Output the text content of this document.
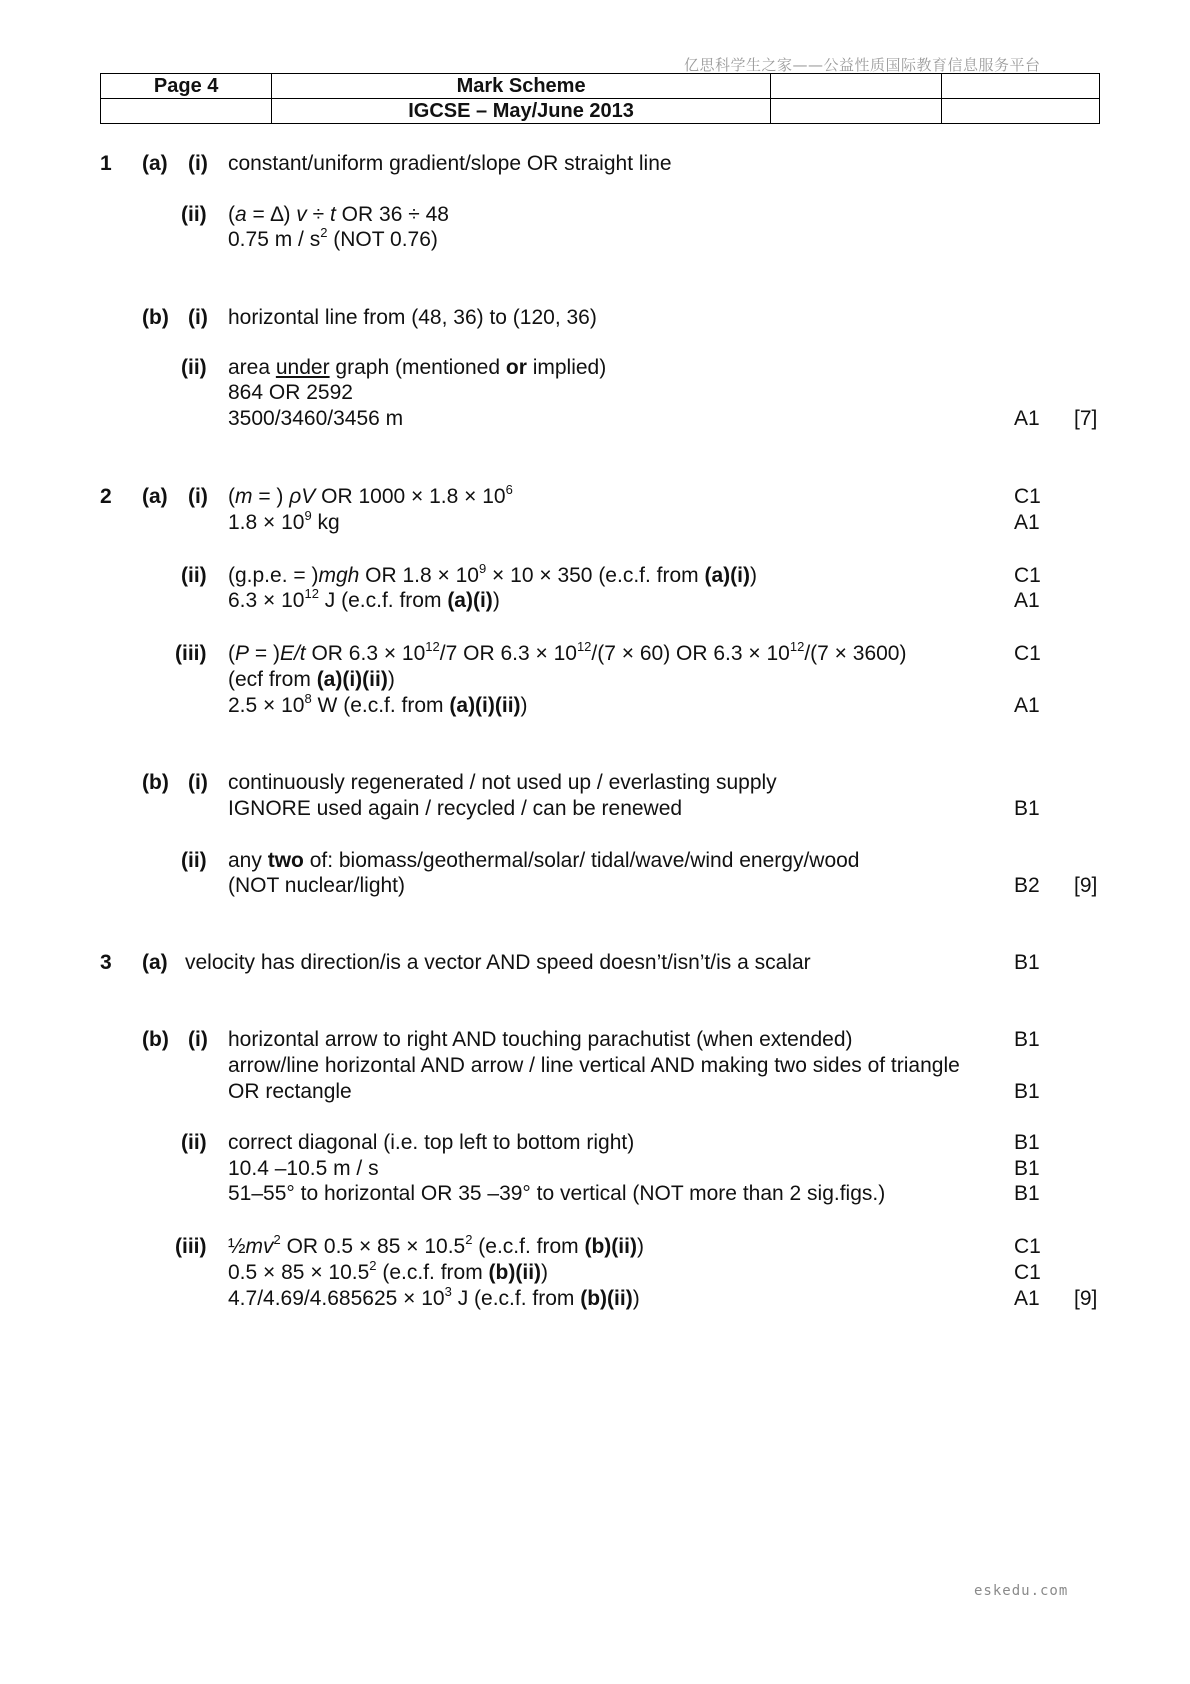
亿思科学生之家——公益性质国际教育信息服务平台
Page 4	Mark Scheme		
	IGCSE – May/June 2013		
1 (a) (i) constant/uniform gradient/slope OR straight line
(ii) (a = ∆) v ÷ t OR 36 ÷ 48
0.75 m / $s^2$ (NOT 0.76)
(b) (i) horizontal line from (48, 36) to (120, 36)
(ii) area under graph (mentioned or implied)
864 OR 2592
3500/3460/3456 m	A1 [7]
2 (a) (i) (m = ) ρV OR $1000 \times 1.8 \times 10^6$	C1
$1.8 \times 10^9$ kg	A1
(ii) (g.p.e. = )mgh OR $1.8 \times 10^9 \times 10 \times 350$ (e.c.f. from (a)(i))	C1
$6.3 \times 10^{12}$ J (e.c.f. from (a)(i))	A1
(iii) (P = )E/t OR $6.3 \times 10^{12}/7$ OR $6.3 \times 10^{12}/(7 \times 60)$ OR $6.3 \times 10^{12}/(7 \times 3600)$	C1
(ecf from (a)(i)(ii))
$2.5 \times 10^8$ W (e.c.f. from (a)(i)(ii))	A1
(b) (i) continuously regenerated / not used up / everlasting supply
IGNORE used again / recycled / can be renewed	B1
(ii) any two of: biomass/geothermal/solar/ tidal/wave/wind energy/wood
(NOT nuclear/light)	B2 [9]
3 (a) velocity has direction/is a vector AND speed doesn’t/isn’t/is a scalar	B1
(b) (i) horizontal arrow to right AND touching parachutist (when extended)	B1
arrow/line horizontal AND arrow / line vertical AND making two sides of triangle
OR rectangle	B1
(ii) correct diagonal (i.e. top left to bottom right)	B1
10.4 –10.5 m / s	B1
51–55° to horizontal OR 35 –39° to vertical (NOT more than 2 sig.figs.)	B1
(iii) $\frac{1}{2}mv^2$ OR $0.5 \times 85 \times 10.5^2$ (e.c.f. from (b)(ii))	C1
$0.5 \times 85 \times 10.5^2$ (e.c.f. from (b)(ii))	C1
$4.7/4.69/4.685625 \times 10^3$ J (e.c.f. from (b)(ii))	A1 [9]
eskedu.com
